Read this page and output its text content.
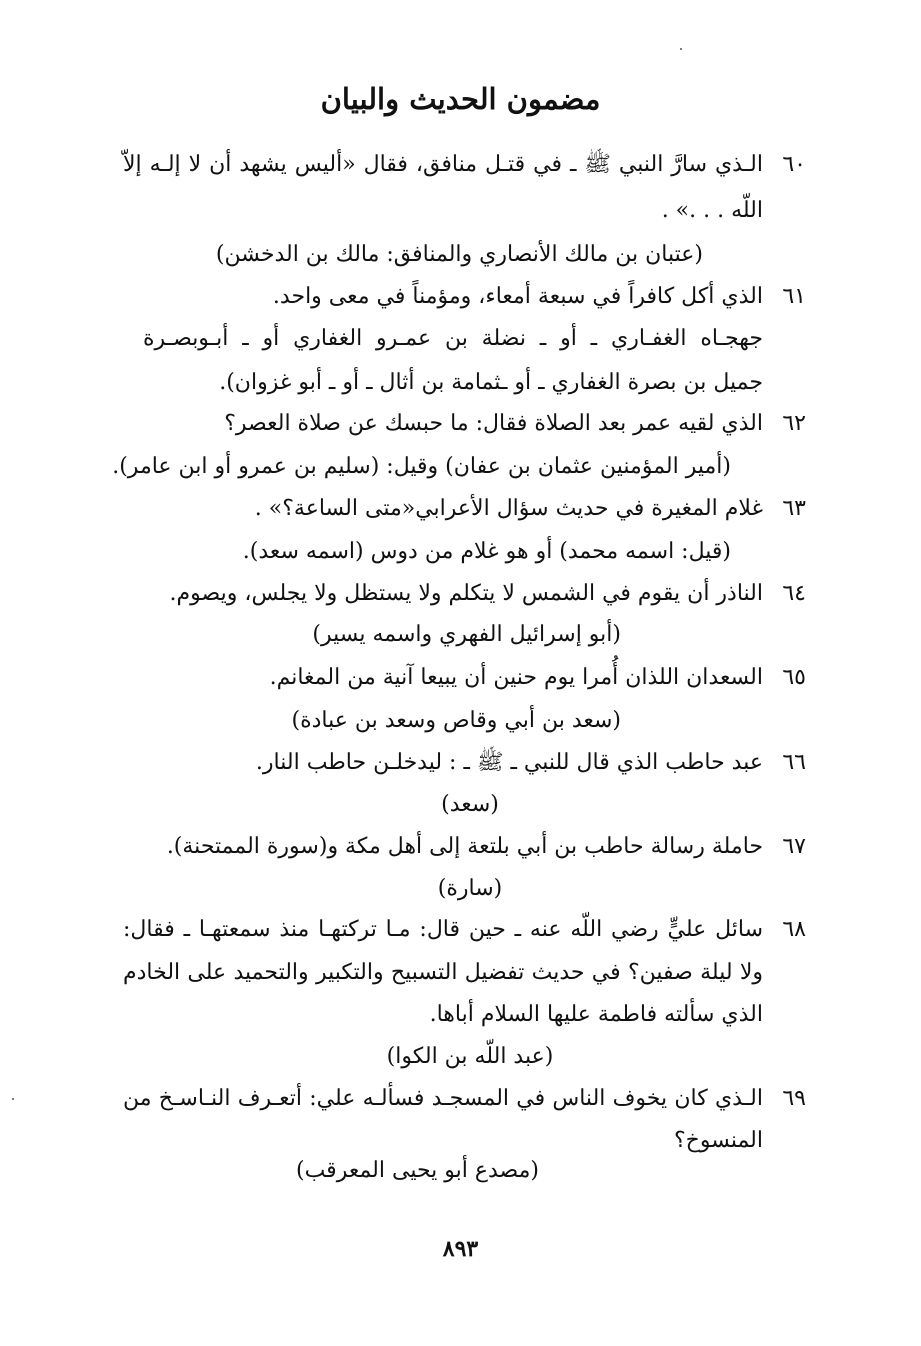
مضمون الحديث والبيان
٦٠
الـذي سارَّ النبي ﷺ ـ في قتـل منافق، فقال «أليس يشهد أن لا إلـه إلاّ
اللّه . . .» .
(عتبان بن مالك الأنصاري والمنافق: مالك بن الدخشن)
٦١
الذي أكل كافراً في سبعة أمعاء، ومؤمناً في معى واحد.
جهجـاه الغفـاري ـ أو ـ نضلة بن عمـرو الغفاري أو ـ أبـوبصـرة
جميل بن بصرة الغفاري ـ أو ـثمامة بن أثال ـ أو ـ أبو غزوان).
٦٢
الذي لقيه عمر بعد الصلاة فقال: ما حبسك عن صلاة العصر؟
(أمير المؤمنين عثمان بن عفان) وقيل: (سليم بن عمرو أو ابن عامر).
٦٣
غلام المغيرة في حديث سؤال الأعرابي«متى الساعة؟» .
(قيل: اسمه محمد) أو هو غلام من دوس (اسمه سعد).
٦٤
الناذر أن يقوم في الشمس لا يتكلم ولا يستظل ولا يجلس، ويصوم.
(أبو إسرائيل الفهري واسمه يسير)
٦٥
السعدان اللذان أُمرا يوم حنين أن يبيعا آنية من المغانم.
(سعد بن أبي وقاص وسعد بن عبادة)
٦٦
عبد حاطب الذي قال للنبي ـ ﷺ ـ : ليدخلـن حاطب النار.
(سعد)
٦٧
حاملة رسالة حاطب بن أبي بلتعة إلى أهل مكة و(سورة الممتحنة).
(سارة)
٦٨
سائل عليٍّ رضي اللّه عنه ـ حين قال: مـا تركتهـا منذ سمعتهـا ـ فقال:
ولا ليلة صفين؟ في حديث تفضيل التسبيح والتكبير والتحميد على الخادم
الذي سألته فاطمة عليها السلام أباها.
(عبد اللّه بن الكوا)
٦٩
الـذي كان يخوف الناس في المسجـد فسألـه علي: أتعـرف النـاسـخ من
المنسوخ؟
(مصدع أبو يحيى المعرقب)
٨٩٣
